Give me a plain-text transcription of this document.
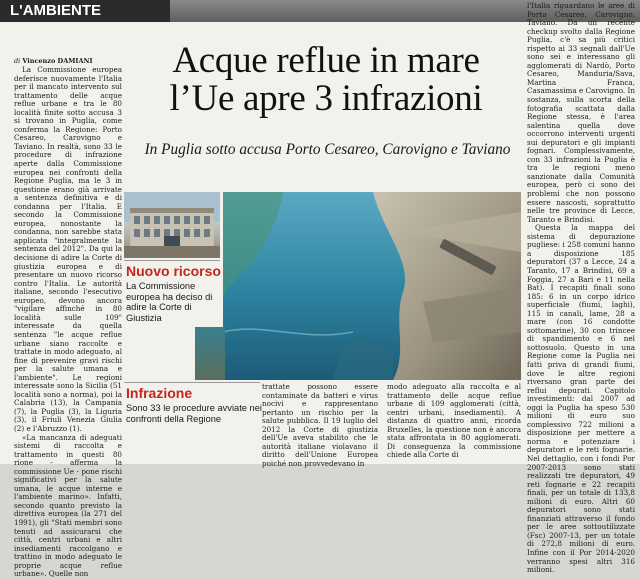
L'AMBIENTE
di Vincenzo DAMIANI

La Commissione europea deferisce nuovamente l'Italia per il mancato intervento sul trattamento delle acque reflue urbane e tra le 80 località finite sotto accusa 3 si trovano in Puglia, come conferma la Regione: Porto Cesareo, Carovigno e Taviano. In realtà, sono 33 le procedure di infrazione aperte dalla Commissione europea nei confronti della Regione Puglia, ma le 3 in questione erano già arrivate a sentenza definitiva e di condanna per l'Italia. E secondo la Commissione europea, nonostante la condanna, non sarebbe stata applicata "integralmente la sentenza del 2012". Da qui la decisione di adire la Corte di giustizia europea e di presentare un nuovo ricorso contro l'Italia. Le autorità italiane, secondo l'esecutivo europeo, devono ancora "vigilare affinché in 80 località sulle 109" interessate da quella sentenza "le acque reflue urbane siano raccolte e trattate in modo adeguato, al fine di prevenire gravi rischi per la salute umana e l'ambiente". Le regioni interessate sono la Sicilia (51 località sono a norma), poi la Calabria (13), la Campania (7), la Puglia (3), la Liguria (3), il Friuli Venezia Giulia (2) e l'Abruzzo (1).

«La mancanza di adeguati sistemi di raccolta e trattamento in questi 80 rione - afferma la commissione Ue - pone rischi significativi per la salute umana, le acque interne e l'ambiente marino». Infatti, secondo quanto previsto la direttiva europea (la 271 del 1991), gli "Stati membri sono tenuti ad assicurarsi che città, centri urbani e altri insediamenti raccolgano e trattino in modo adeguato le proprie acque reflue urbane». Quelle non

Acque reflue in mare
l’Ue apre 3 infrazioni
In Puglia sotto accusa Porto Cesareo, Carovigno e Taviano

Nuovo ricorso

La Commissione europea ha deciso di adire la Corte di Giustizia

Infrazione

Sono 33 le procedure avviate nei confronti della Regione

trattate possono essere contaminate da batteri e virus nocivi e rappresentano pertanto un rischio per la salute pubblica. Il 19 luglio del 2012 la Corte di giustizia dell'Ue aveva stabilito che le autorità italiane violavano il diritto dell'Unione Europea poiché non provvedevano in

modo adeguato alla raccolta e al trattamento delle acque reflue urbane di 109 agglomerati (città, centri urbani, insediamenti). A distanza di quattro anni, ricorda Bruxelles, la questione non è ancora stata affrontata in 80 agglomerati. Di conseguenza la commissione chiede alla Corte di

l'Italia riguardano le aree di Porto Cesareo, Carovigno, Taviano. Da un recente checkup svolto dalla Regione Puglia, c'è sa più critici rispetto ai 33 segnali dall'Ue sono sei e interessano gli agglomerati di Nardò, Porto Cesareo, Manduria/Sava, Martina Franca, Casamassima e Carovigno. In sostanza, sulla scorta della fotografia scattata dalla Regione stessa, è l'area salentina quella dove occorrono interventi urgenti sui depuratori e gli impianti fognari. Complessivamente, con 33 infrazioni la Puglia è tra le regioni meno sanzionate dalla Comunità europea, però ci sono dei problemi che non possono essere nascosti, soprattutto nelle tre province di Lecce, Taranto e Brindisi.

Questa la mappa del sistema di depurazione pugliese: i 258 comuni hanno a disposizione 185 depuratori (37 a Lecce, 24 a Taranto, 17 a Brindisi, 69 a Foggia, 27 a Bari e 11 nella Bat). I recapiti finali sono 185: 6 in un corpo idrico superficiale (fiumi, laghi), 115 in canali, lame, 28 a mare (con 16 condotte sottomarine), 30 con trincee di spandimento e 6 nel sottosuolo. Questo in una Regione come la Puglia nei fatti priva di grandi fiumi, dove le altre regioni riversano gran parte dei reflui depurati. Capitolo investimenti: dal 2007 ad oggi la Puglia ha speso 530 milioni di euro suo complessivo 722 milioni a disposizione per mettere a norma e potenziare i depuratori e le reti fognarie. Nel dettaglio, con i fondi Por 2007-2013 sono stati realizzati tre depuratori, 49 reti fognarie e 22 recapiti finali, per un totale di 133,8 milioni di euro. Altri 60 depuratori sono stati finanziati attraverso il fondo per le aree sottoutilizzate (Fsc) 2007-13, per un totale di 272,8 milioni di euro. Infine con il Por 2014-2020 verranno spesi altri 316 milioni.
